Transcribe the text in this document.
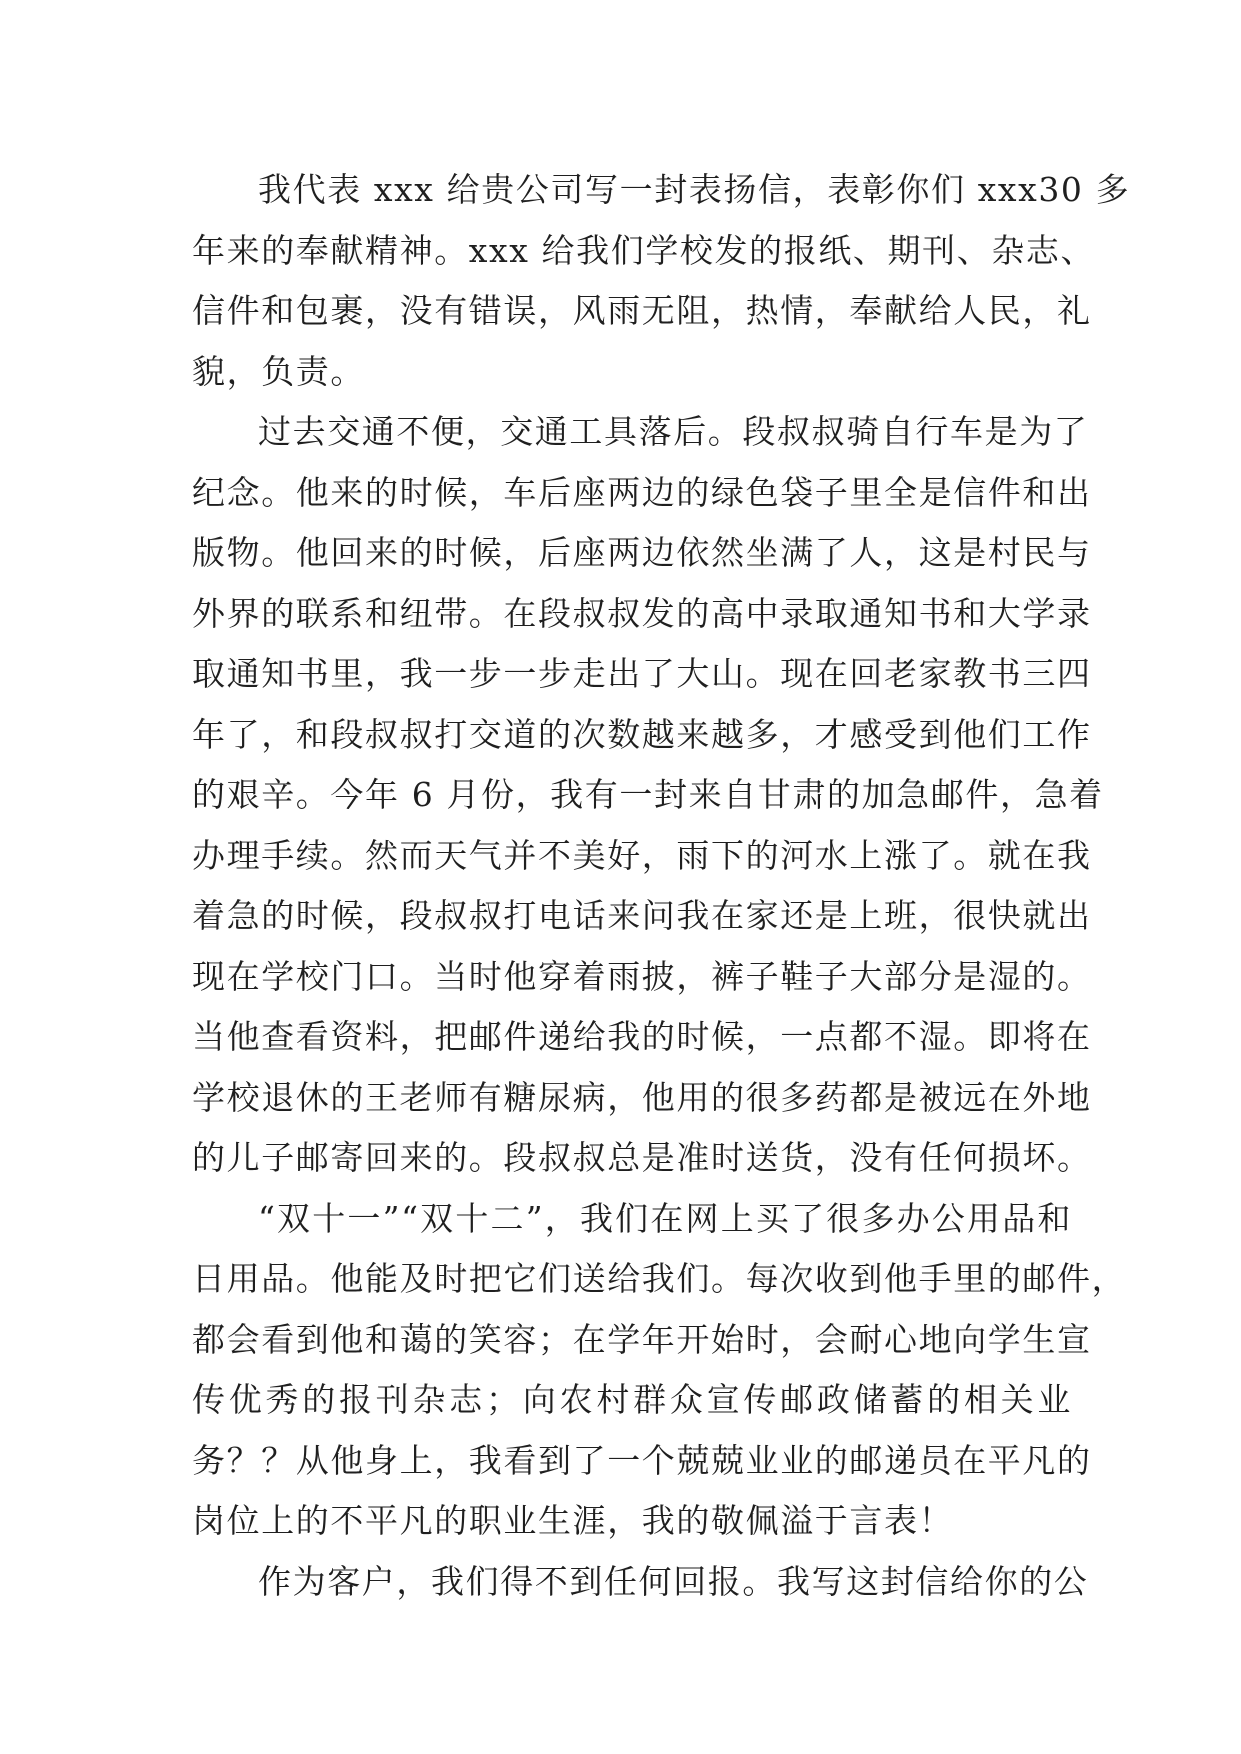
我代表 xxx 给贵公司写一封表扬信，表彰你们 xxx30 多
年来的奉献精神。xxx 给我们学校发的报纸、期刊、杂志、
信件和包裹，没有错误，风雨无阻，热情，奉献给人民，礼
貌，负责。
过去交通不便，交通工具落后。段叔叔骑自行车是为了
纪念。他来的时候，车后座两边的绿色袋子里全是信件和出
版物。他回来的时候，后座两边依然坐满了人，这是村民与
外界的联系和纽带。在段叔叔发的高中录取通知书和大学录
取通知书里，我一步一步走出了大山。现在回老家教书三四
年了，和段叔叔打交道的次数越来越多，才感受到他们工作
的艰辛。今年 6 月份，我有一封来自甘肃的加急邮件，急着
办理手续。然而天气并不美好，雨下的河水上涨了。就在我
着急的时候，段叔叔打电话来问我在家还是上班，很快就出
现在学校门口。当时他穿着雨披，裤子鞋子大部分是湿的。
当他查看资料，把邮件递给我的时候，一点都不湿。即将在
学校退休的王老师有糖尿病，他用的很多药都是被远在外地
的儿子邮寄回来的。段叔叔总是准时送货，没有任何损坏。
“双十一”“双十二”，我们在网上买了很多办公用品和
日用品。他能及时把它们送给我们。每次收到他手里的邮件，
都会看到他和蔼的笑容；在学年开始时，会耐心地向学生宣
传优秀的报刊杂志；向农村群众宣传邮政储蓄的相关业
务？？从他身上，我看到了一个兢兢业业的邮递员在平凡的
岗位上的不平凡的职业生涯，我的敬佩溢于言表！
作为客户，我们得不到任何回报。我写这封信给你的公
